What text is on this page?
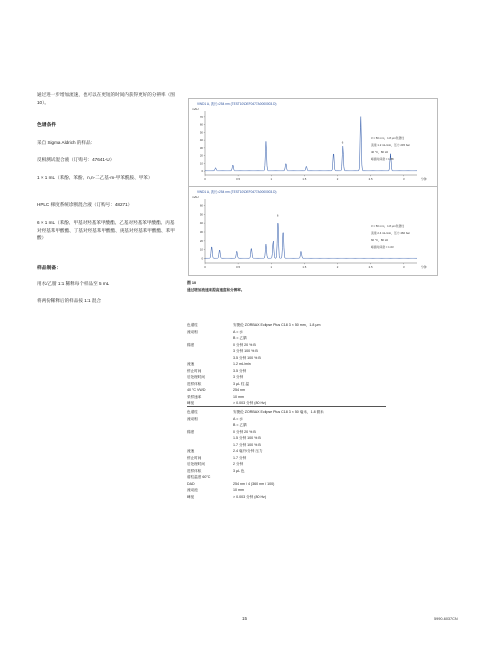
通过进一步增加流速，也可以在更短的时间内获得更好的分辨率（图 10）。
色谱条件
采自 Sigma Aldrich 的样品：
反相测试混合液（订购号：47641-U）
1 × 1 mL（苯酚、苯酚、n,n-二乙基-m-甲苯酰胺、甲苯）
HPLC 梯度系统诊断混合液（订购号：48271）
6 × 1 mL（苯酚、甲基对羟基苯甲酸酯、乙基对羟基苯甲酸酯、丙基对羟基苯甲酸酯、丁基对羟基苯甲酸酯、庚基对羟基苯甲酸酯、苯甲酸）
样品制备：
用水/乙腈 1:1 稀释每个样品至 5 mL
将两份稀释后的样品按 1:1 混合
VWD1 A, 波长=254 nm (TEST10\DEF0477A0000003.D)
mAU
70
60
50
40
30
20
10
0
0	0.5	1	1.5	2	2.5	3	分钟
6
3 × 50 mm，1.8 μm色谱柱
流速 1.2 mL/min，压力 245 bar
40 °C，80 Hz
峰值时间窗 = 1.88
VWD1 A, 波长=254 nm (TEST10\DEF0477A0000003.D)
mAU
60
50
40
30
20
10
0
0	0.5	1	1.5	2	2.5	3	分钟
6
3 × 50 mm，1.8 μm色谱柱
流速 2.4 mL/min，压力 460 bar
60 °C，80 Hz
峰值时间窗 = 1.03
图 10
通过增加流速来提高速度和分辨率。
色谱柱	安捷伦 ZORBAX Eclipse Plus C18 3 × 50 mm，1.8 μm
流动相	A = 水
B = 乙腈
梯度	0 分钟 20 % B
3 分钟 100 % B
3.5 分钟 100 % B
流速	1.2 mL/min
停止时间	3.5 分钟
后处理时间	3 分钟
进样体积	3 μL 柱 温
40 °C VWD	254 nm
采样速率	10 mm
峰宽	> 0.003 分钟 (80 Hz)
色谱柱	安捷伦 ZORBAX Eclipse Plus C18 3 × 50 毫米，1.8 微米
流动相	A = 水
B = 乙腈
梯度	0 分钟 20 % B
1.5 分钟 100 % B
1.7 分钟 100 % B
流速	2.4 毫升/分钟 压力
停止时间	1.7 分钟
后处理时间	2 分钟
进样体积	3 μL 色
谱柱温度 60°C
DAD	254 nm / 4 (360 nm / 100)
流动池	10 mm
峰宽	> 0.003 分钟 (80 Hz)
15	5990-6037CN
